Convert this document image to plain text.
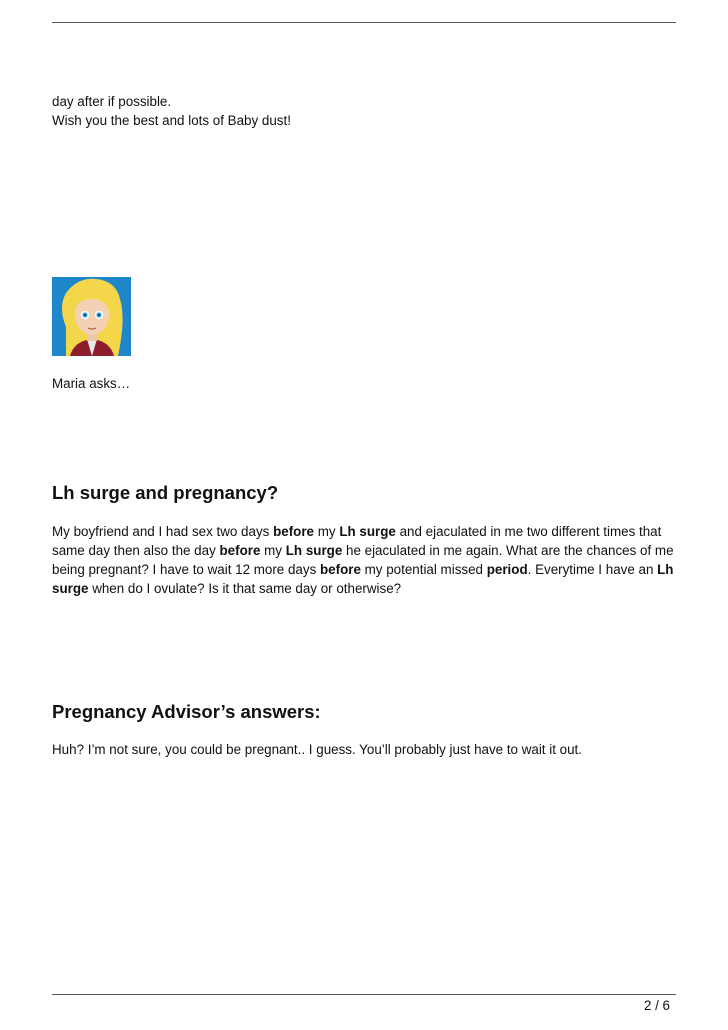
day after if possible.
Wish you the best and lots of Baby dust!

Maria asks…

Lh surge and pregnancy?

My boyfriend and I had sex two days before my Lh surge and ejaculated in me two different times that same day then also the day before my Lh surge he ejaculated in me again. What are the chances of me being pregnant? I have to wait 12 more days before my potential missed period. Everytime I have an Lh surge when do I ovulate? Is it that same day or otherwise?

Pregnancy Advisor’s answers:

Huh? I’m not sure, you could be pregnant.. I guess. You’ll probably just have to wait it out.

2 / 6
